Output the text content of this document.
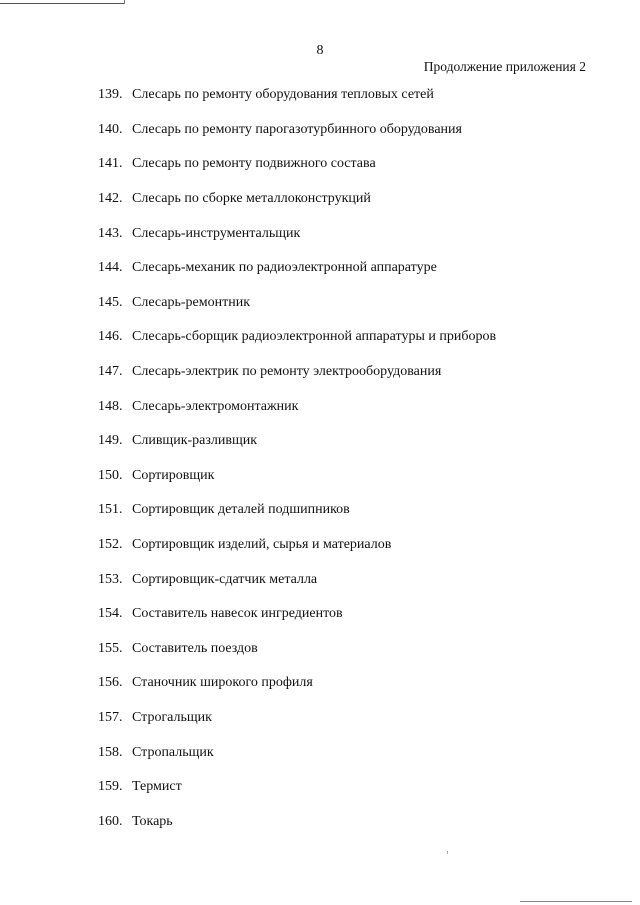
8
Продолжение приложения 2
139. Слесарь по ремонту оборудования тепловых сетей
140. Слесарь по ремонту парогазотурбинного оборудования
141. Слесарь по ремонту подвижного состава
142. Слесарь по сборке металлоконструкций
143. Слесарь-инструментальщик
144. Слесарь-механик по радиоэлектронной аппаратуре
145. Слесарь-ремонтник
146. Слесарь-сборщик радиоэлектронной аппаратуры и приборов
147. Слесарь-электрик по ремонту электрооборудования
148. Слесарь-электромонтажник
149. Сливщик-разливщик
150. Сортировщик
151. Сортировщик деталей подшипников
152. Сортировщик изделий, сырья и материалов
153. Сортировщик-сдатчик металла
154. Составитель навесок ингредиентов
155. Составитель поездов
156. Станочник широкого профиля
157. Строгальщик
158. Стропальщик
159. Термист
160. Токарь
